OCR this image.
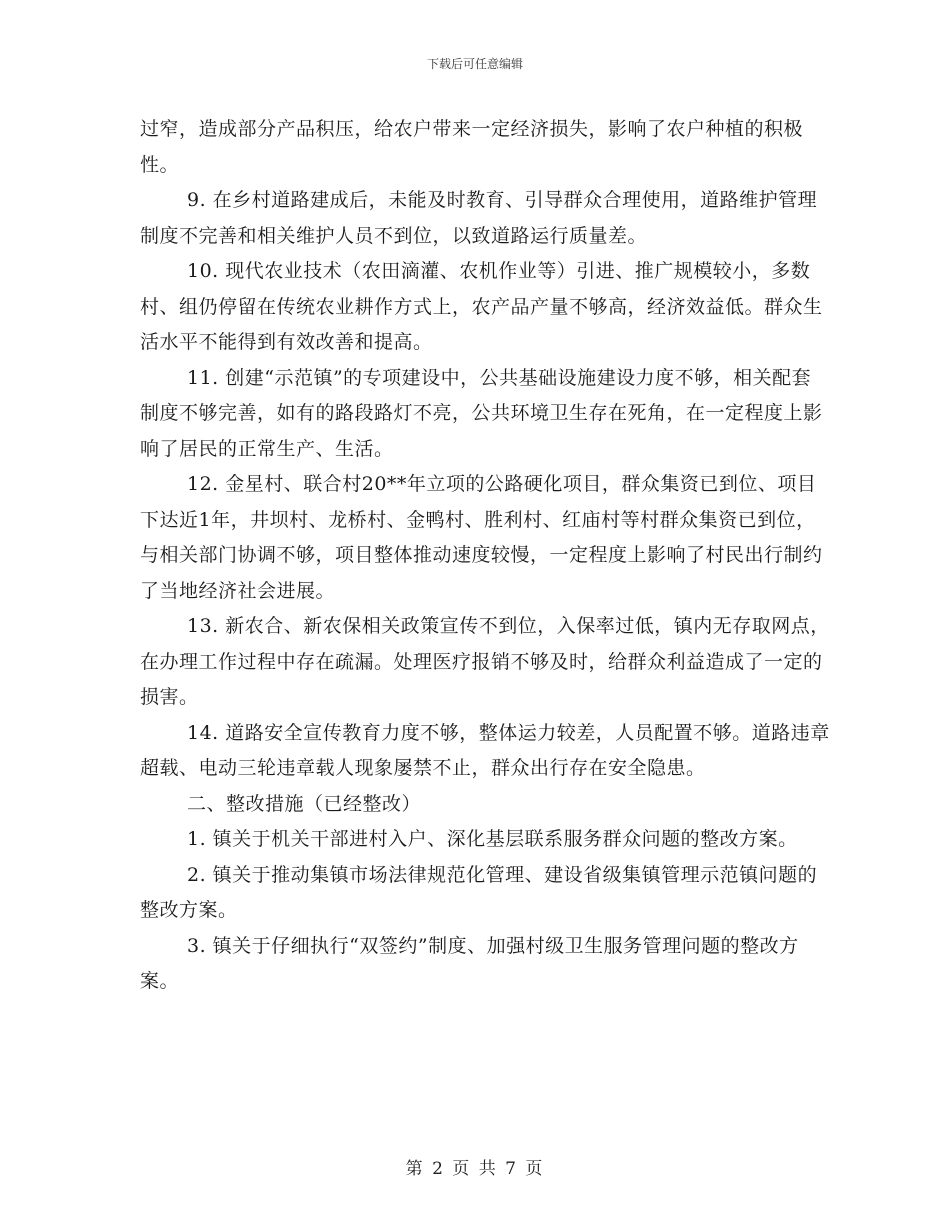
下载后可任意编辑

过窄，造成部分产品积压，给农户带来一定经济损失，影响了农户种植的积极性。

9. 在乡村道路建成后，未能及时教育、引导群众合理使用，道路维护管理制度不完善和相关维护人员不到位，以致道路运行质量差。

10. 现代农业技术（农田滴灌、农机作业等）引进、推广规模较小，多数村、组仍停留在传统农业耕作方式上，农产品产量不够高，经济效益低。群众生活水平不能得到有效改善和提高。

11. 创建“示范镇”的专项建设中，公共基础设施建设力度不够，相关配套制度不够完善，如有的路段路灯不亮，公共环境卫生存在死角，在一定程度上影响了居民的正常生产、生活。

12. 金星村、联合村20**年立项的公路硬化项目，群众集资已到位、项目下达近1年，井坝村、龙桥村、金鸭村、胜利村、红庙村等村群众集资已到位，与相关部门协调不够，项目整体推动速度较慢，一定程度上影响了村民出行制约了当地经济社会进展。

13. 新农合、新农保相关政策宣传不到位，入保率过低，镇内无存取网点，在办理工作过程中存在疏漏。处理医疗报销不够及时，给群众利益造成了一定的损害。

14. 道路安全宣传教育力度不够，整体运力较差，人员配置不够。道路违章超载、电动三轮违章载人现象屡禁不止，群众出行存在安全隐患。

二、整改措施（已经整改）

1. 镇关于机关干部进村入户、深化基层联系服务群众问题的整改方案。

2. 镇关于推动集镇市场法律规范化管理、建设省级集镇管理示范镇问题的整改方案。

3. 镇关于仔细执行“双签约”制度、加强村级卫生服务管理问题的整改方案。

第 2 页 共 7 页
